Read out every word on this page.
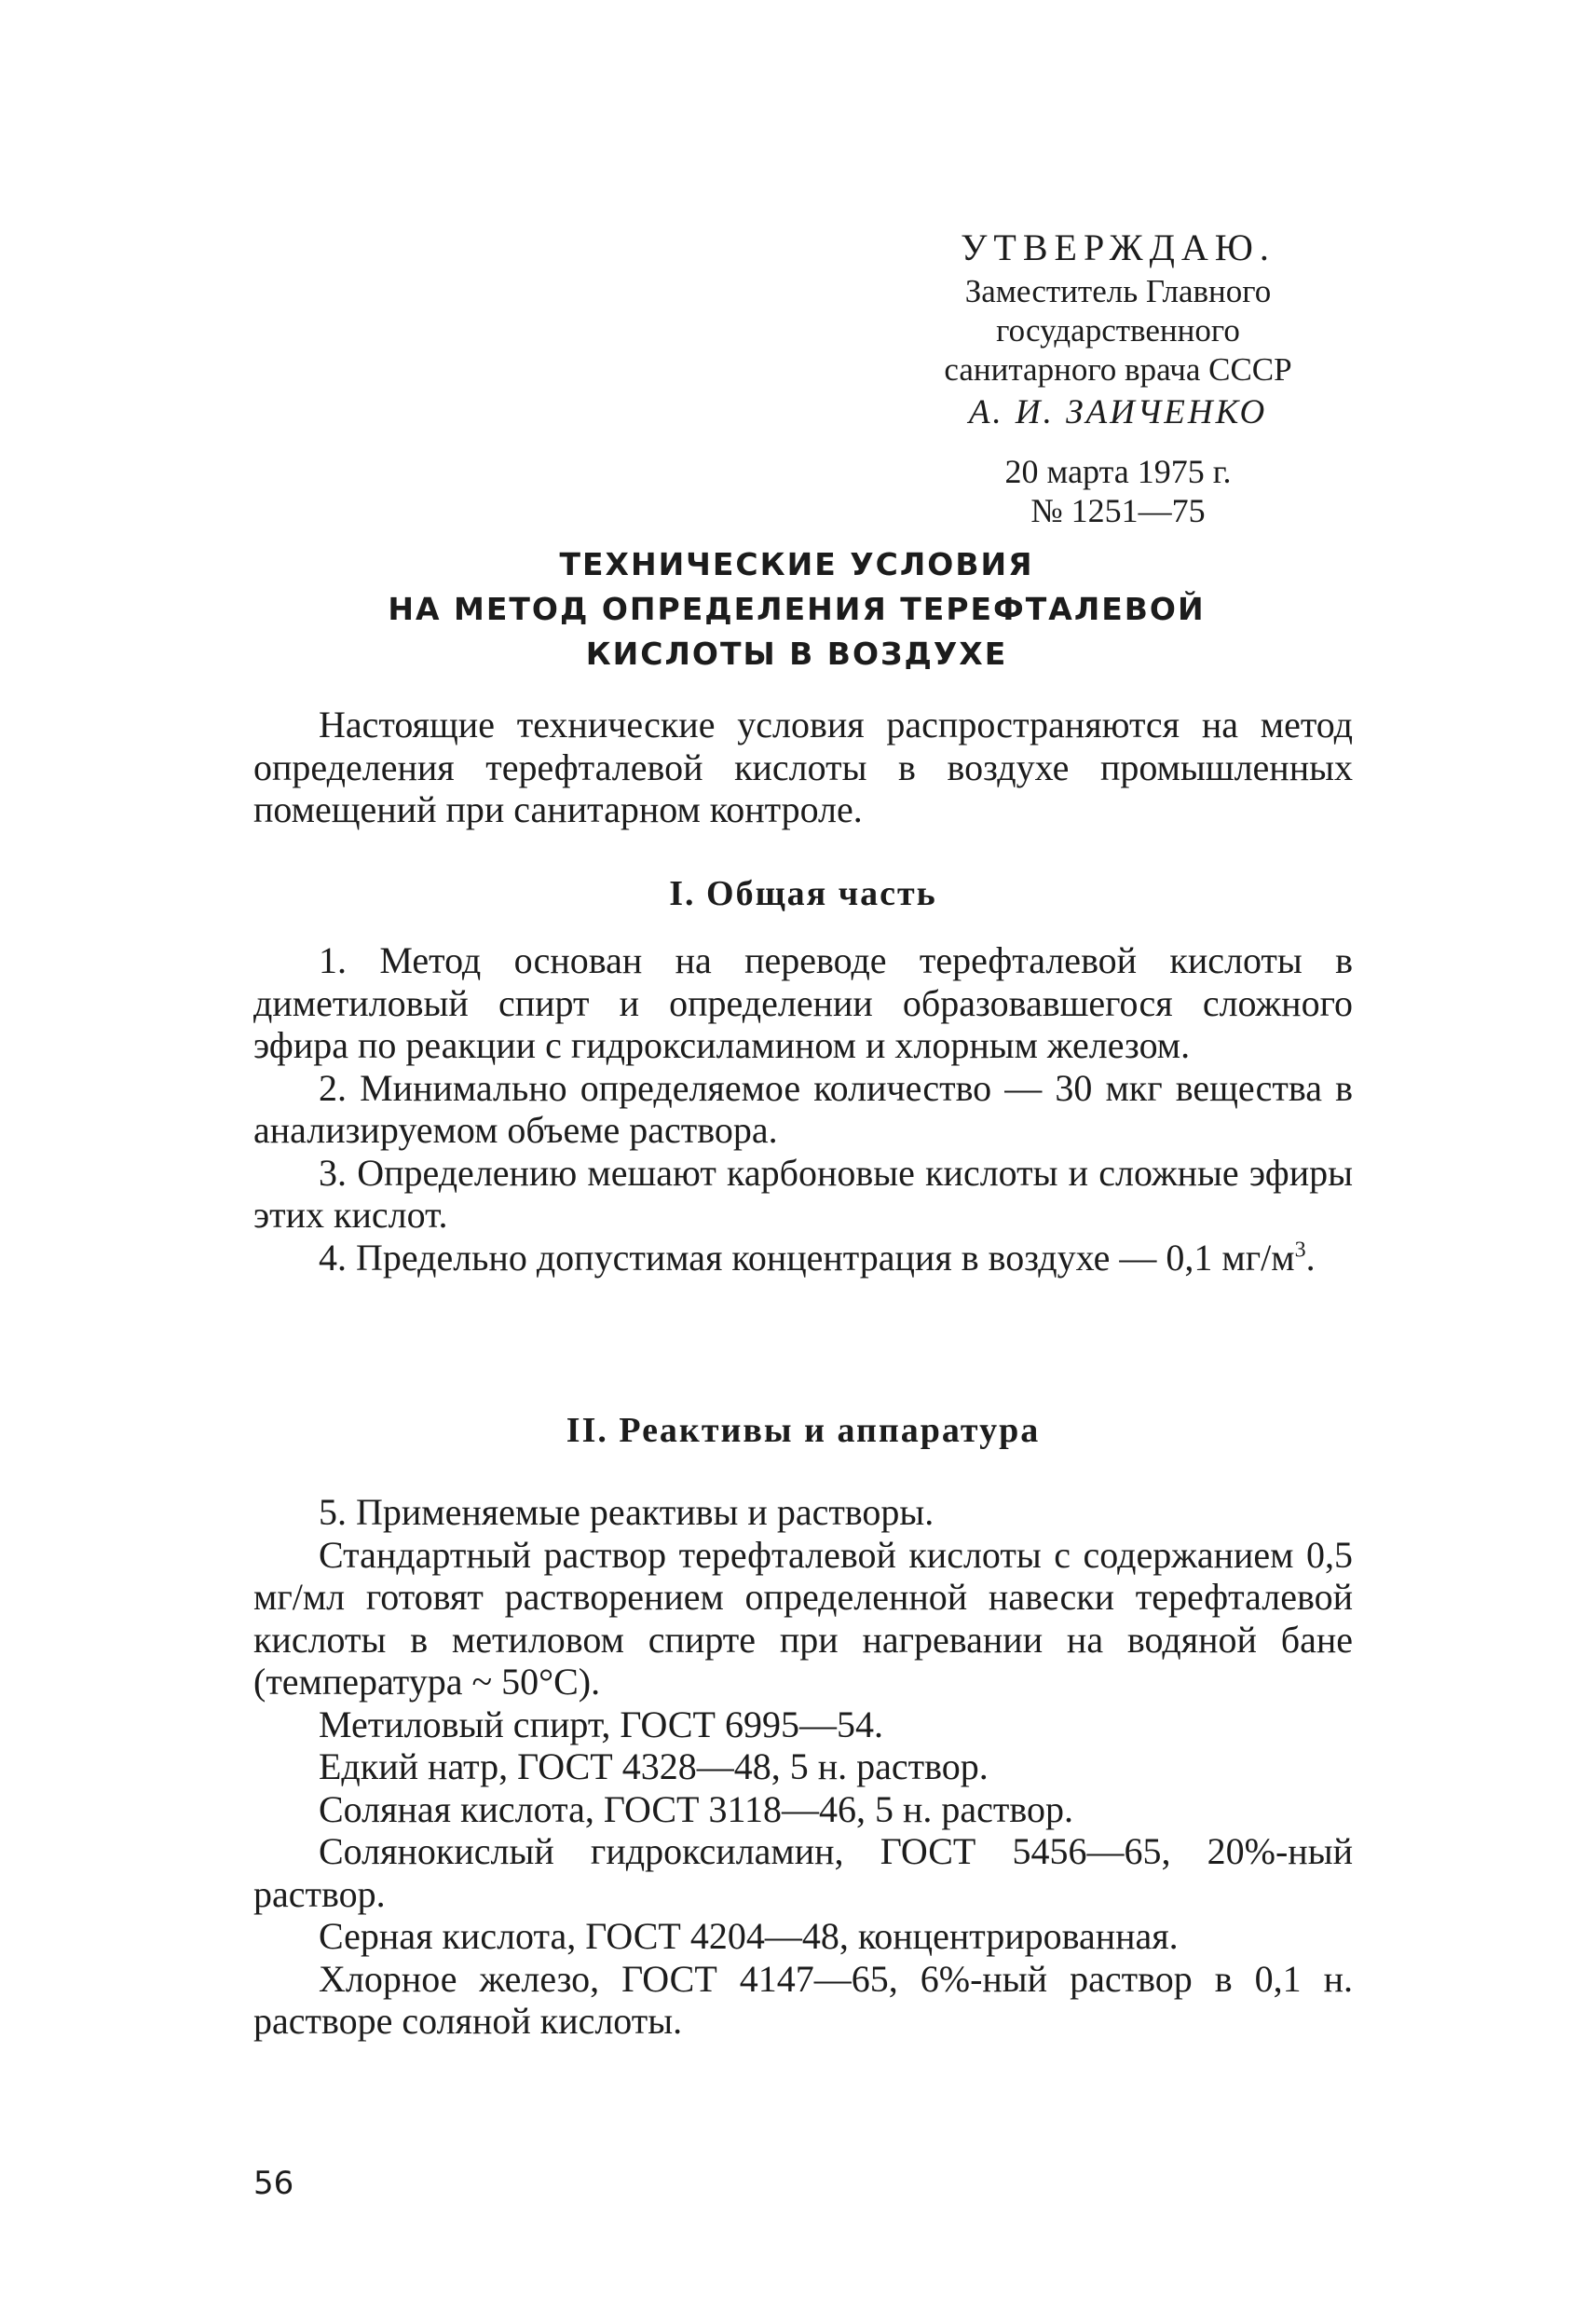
УТВЕРЖДАЮ.
Заместитель Главного
государственного
санитарного врача СССР
А. И. ЗАИЧЕНКО
20 марта 1975 г.
№ 1251—75
ТЕХНИЧЕСКИЕ УСЛОВИЯ
НА МЕТОД ОПРЕДЕЛЕНИЯ ТЕРЕФТАЛЕВОЙ
КИСЛОТЫ В ВОЗДУХЕ

Настоящие технические условия распространяются на метод определения терефталевой кислоты в воздухе промышленных помещений при санитарном контроле.

I. Общая часть

1. Метод основан на переводе терефталевой кислоты в диметиловый спирт и определении образовавшегося сложного эфира по реакции с гидроксиламином и хлорным железом.

2. Минимально определяемое количество — 30 мкг вещества в анализируемом объеме раствора.

3. Определению мешают карбоновые кислоты и сложные эфиры этих кислот.

4. Предельно допустимая концентрация в воздухе — 0,1 $мг/м^3$.

II. Реактивы и аппаратура

5. Применяемые реактивы и растворы.

Стандартный раствор терефталевой кислоты с содержанием 0,5 мг/мл готовят растворением определенной навески терефталевой кислоты в метиловом спирте при нагревании на водяной бане (температура ~ 50°С).

Метиловый спирт, ГОСТ 6995—54.

Едкий натр, ГОСТ 4328—48, 5 н. раствор.

Соляная кислота, ГОСТ 3118—46, 5 н. раствор.

Солянокислый гидроксиламин, ГОСТ 5456—65, 20%-ный раствор.

Серная кислота, ГОСТ 4204—48, концентрированная.

Хлорное железо, ГОСТ 4147—65, 6%-ный раствор в 0,1 н. растворе соляной кислоты.

56
